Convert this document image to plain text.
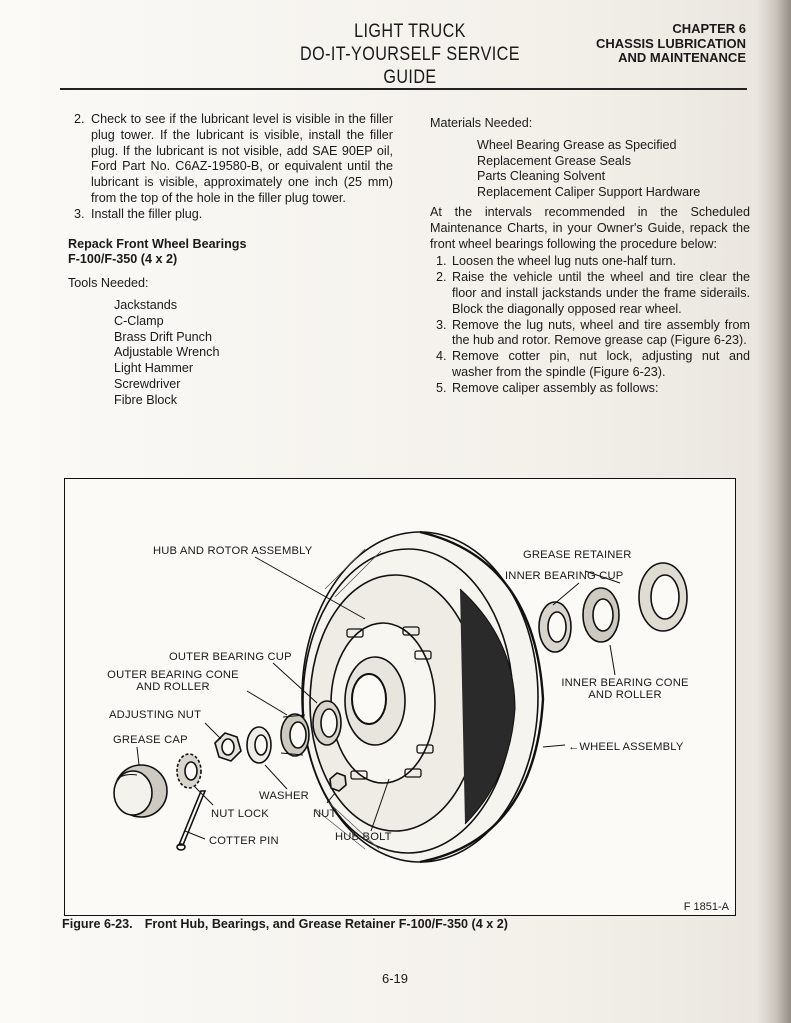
LIGHT TRUCK
DO-IT-YOURSELF SERVICE GUIDE
CHAPTER 6
CHASSIS LUBRICATION
AND MAINTENANCE

2. Check to see if the lubricant level is visible in the filler plug tower. If the lubricant is visible, install the filler plug. If the lubricant is not visible, add SAE 90EP oil, Ford Part No. C6AZ-19580-B, or equivalent until the lubricant is visible, approximately one inch (25 mm) from the top of the hole in the filler plug tower.

3. Install the filler plug.

Repack Front Wheel Bearings
F-100/F-350 (4 x 2)
Tools Needed:
Jackstands
C-Clamp
Brass Drift Punch
Adjustable Wrench
Light Hammer
Screwdriver
Fibre Block
Materials Needed:
Wheel Bearing Grease as Specified
Replacement Grease Seals
Parts Cleaning Solvent
Replacement Caliper Support Hardware

At the intervals recommended in the Scheduled Maintenance Charts, in your Owner's Guide, repack the front wheel bearings following the procedure below:

1. Loosen the wheel lug nuts one-half turn.

2. Raise the vehicle until the wheel and tire clear the floor and install jackstands under the frame siderails. Block the diagonally opposed rear wheel.

3. Remove the lug nuts, wheel and tire assembly from the hub and rotor. Remove grease cap (Figure 6-23).

4. Remove cotter pin, nut lock, adjusting nut and washer from the spindle (Figure 6-23).

5. Remove caliper assembly as follows:

HUB AND ROTOR ASSEMBLY	GREASE RETAINER
INNER BEARING CUP
OUTER BEARING CUP
OUTER BEARING CONE
AND ROLLER
ADJUSTING NUT
GREASE CAP
INNER BEARING CONE
AND ROLLER
←WHEEL ASSEMBLY
WASHER
NUT LOCK	NUT
COTTER PIN	HUB BOLT
F 1851-A
Figure 6-23. Front Hub, Bearings, and Grease Retainer F-100/F-350 (4 x 2)
6-19
